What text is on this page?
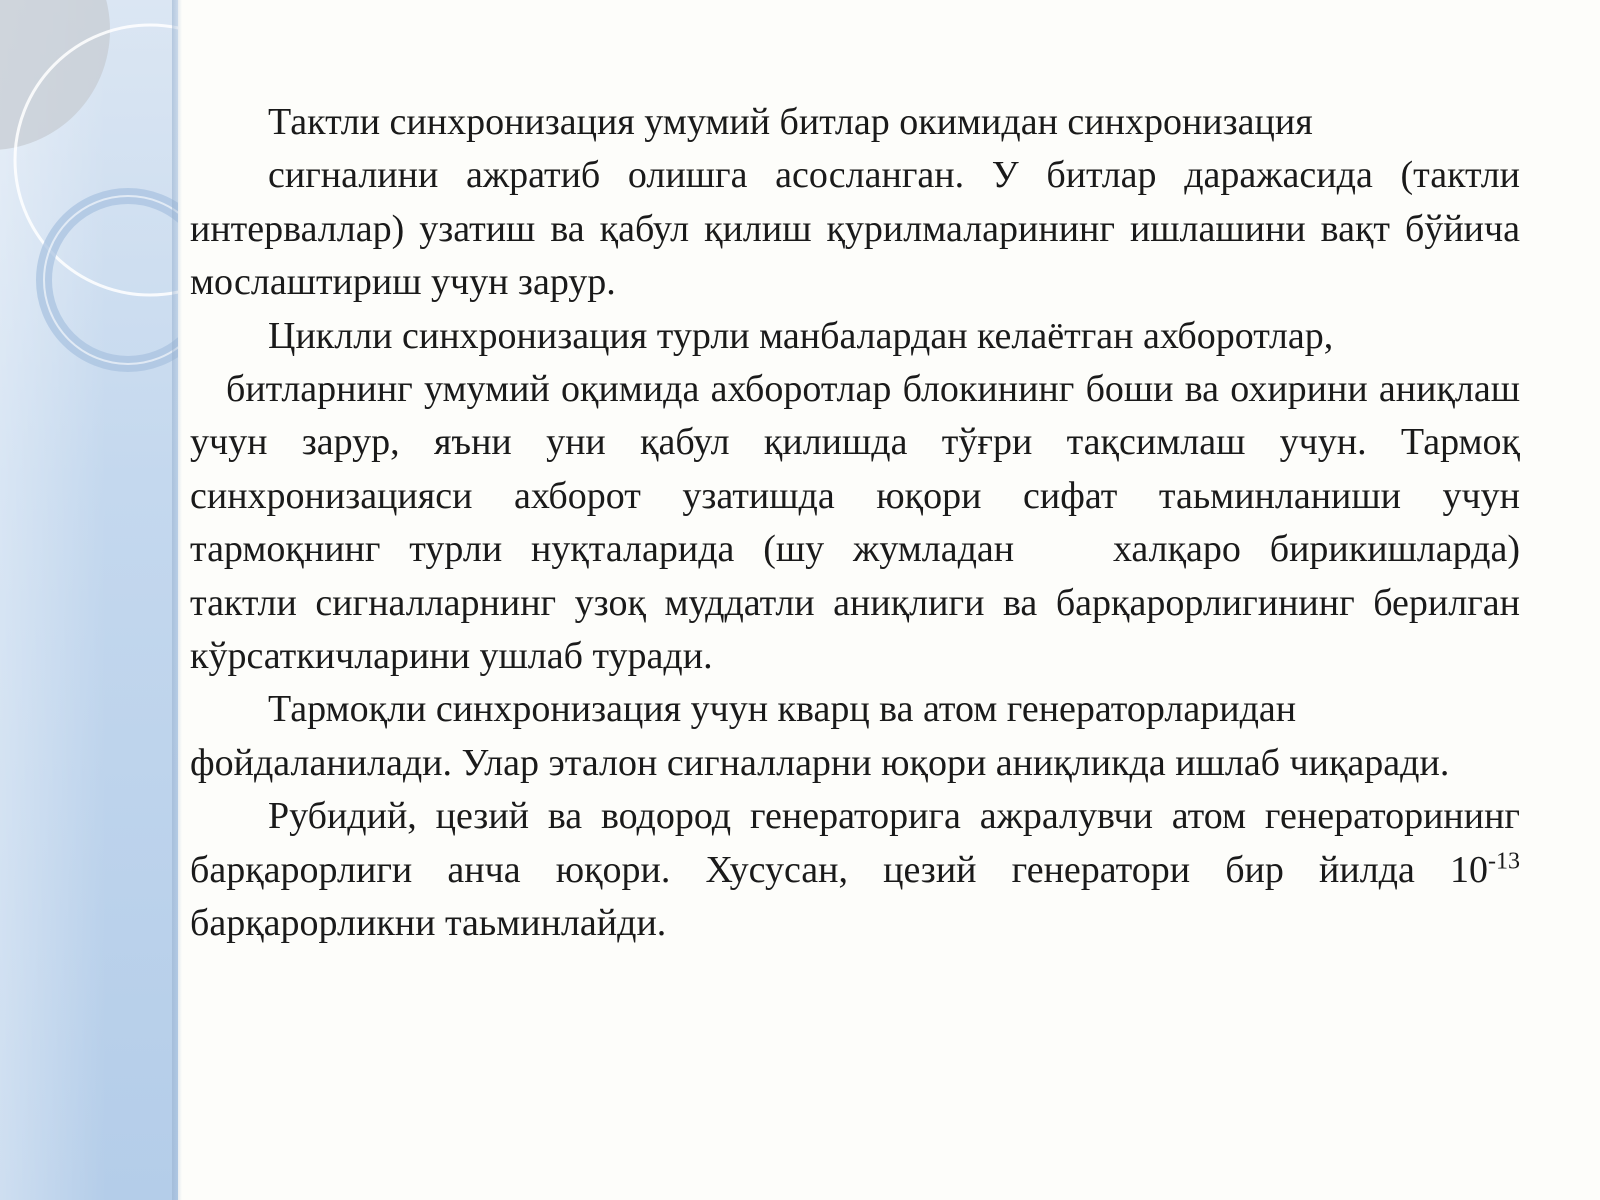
Тактли синхронизация умумий битлар окимидан синхронизация
сигналини ажратиб олишга асосланган. У битлар даражасида (тактли интерваллар) узатиш ва қабул қилиш қурилмаларининг ишлашини вақт бўйича мослаштириш учун зарур.
Циклли синхронизация турли манбалардан келаётган ахборотлар,
битларнинг умумий оқимида ахборотлар блокининг боши ва охирини аниқлаш учун зарур, яъни уни қабул қилишда тўғри тақсимлаш учун. Тармоқ синхронизацияси ахборот узатишда юқори сифат таьминланиши учун тармоқнинг турли нуқталарида (шу жумладан	халқаро бирикишларда) тактли сигналларнинг узоқ муддатли аниқлиги ва барқарорлигининг берилган кўрсаткичларини ушлаб туради.
Тармоқли синхронизация учун кварц ва атом генераторларидан
фойдаланилади. Улар эталон сигналларни юқори аниқликда ишлаб чиқаради.
Рубидий, цезий ва водород генераторига ажралувчи атом генераторининг барқарорлиги анча юқори. Хусусан, цезий генератори бир йилда $10^{-13}$ барқарорликни таьминлайди.
